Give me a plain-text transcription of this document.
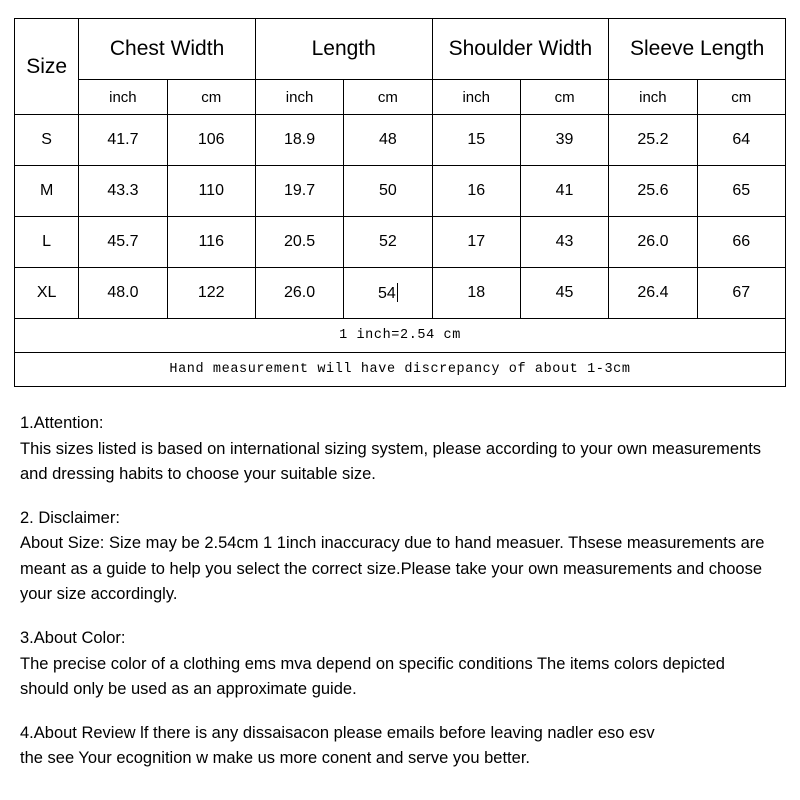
Size	Chest Width		Length		Shoulder Width		Sleeve Length	
	inch	cm	inch	cm	inch	cm	inch	cm
S	41.7	106	18.9	48	15	39	25.2	64
M	43.3	110	19.7	50	16	41	25.6	65
L	45.7	116	20.5	52	17	43	26.0	66
XL	48.0	122	26.0	54	18	45	26.4	67
1 inch=2.54 cm								
Hand measurement will have discrepancy of about 1-3cm								
1.Attention:
This sizes listed is based on international sizing system, please according to your own measurements and dressing habits to choose your suitable size.
2. Disclaimer:
About Size: Size may be 2.54cm 1 1inch inaccuracy due to hand measuer. Thsese measurements are meant as a guide to help you select the correct size.Please take your own measurements and choose your size accordingly.
3.About Color:
The precise color of a clothing ems mva depend on specific conditions The items colors depicted should only be used as an approximate guide.
4.About Review lf there is any dissaisacon please emails before leaving nadler eso esv
the see Your ecognition w make us more conent and serve you better.
